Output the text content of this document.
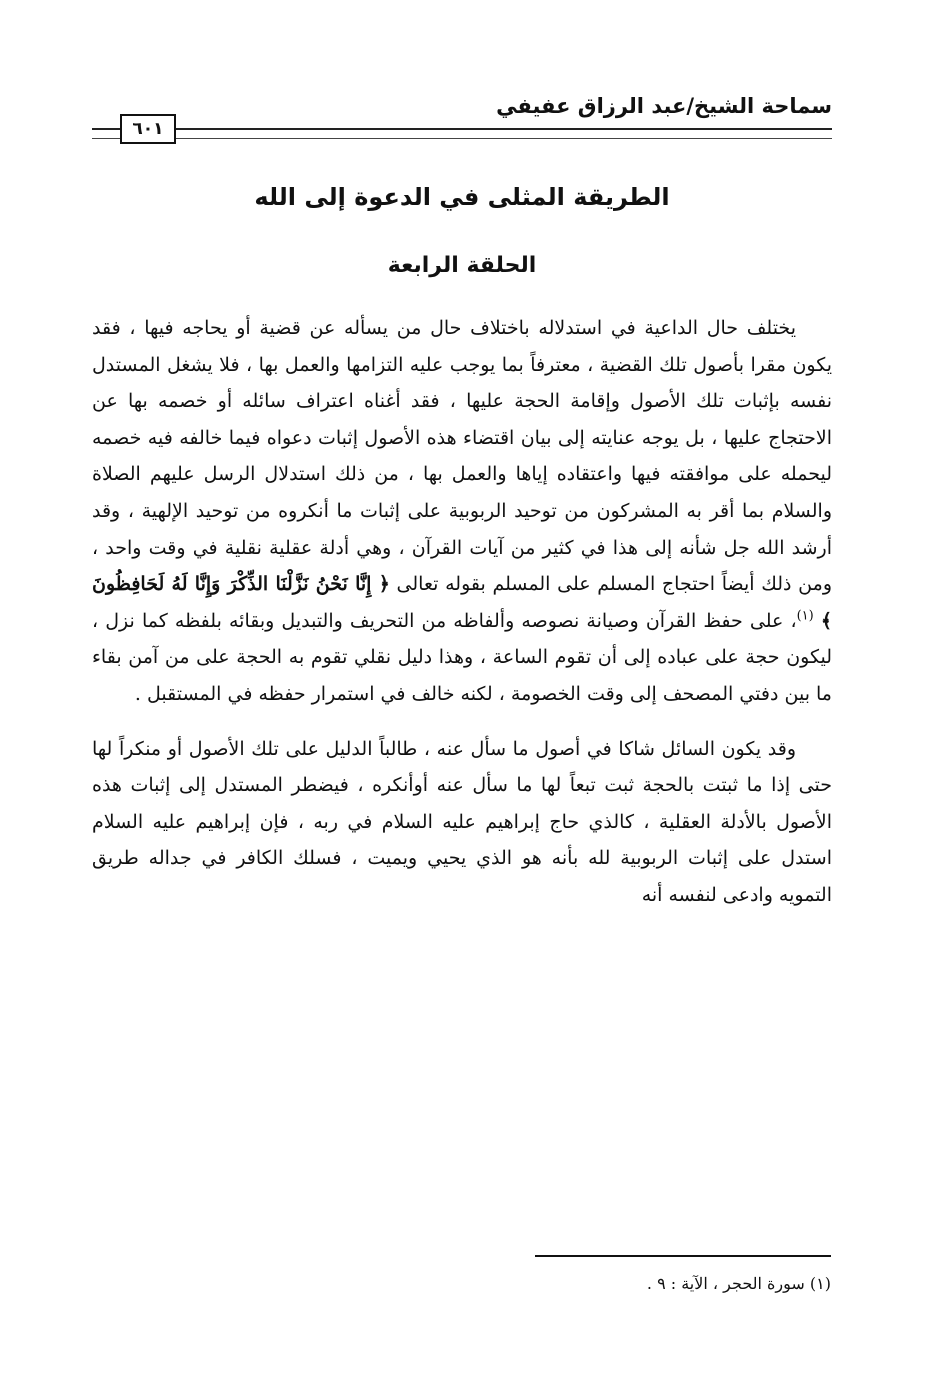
سماحة الشيخ/عبد الرزاق عفيفي
٦٠١
الطريقة المثلى في الدعوة إلى الله
الحلقة الرابعة

يختلف حال الداعية في استدلاله باختلاف حال من يسأله عن قضية أو يحاجه فيها ، فقد يكون مقرا بأصول تلك القضية ، معترفاً بما يوجب عليه التزامها والعمل بها ، فلا يشغل المستدل نفسه بإثبات تلك الأصول وإقامة الحجة عليها ، فقد أغناه اعتراف سائله أو خصمه بها عن الاحتجاج عليها ، بل يوجه عنايته إلى بيان اقتضاء هذه الأصول إثبات دعواه فيما خالفه فيه خصمه ليحمله على موافقته فيها واعتقاده إياها والعمل بها ، من ذلك استدلال الرسل عليهم الصلاة والسلام بما أقر به المشركون من توحيد الربوبية على إثبات ما أنكروه من توحيد الإلهية ، وقد أرشد الله جل شأنه إلى هذا في كثير من آيات القرآن ، وهي أدلة عقلية نقلية في وقت واحد ، ومن ذلك أيضاً احتجاج المسلم على المسلم بقوله تعالى ﴿ إِنَّا نَحْنُ نَزَّلْنَا الذِّكْرَ وَإِنَّا لَهُ لَحَافِظُونَ ﴾ $^{(١)}$، على حفظ القرآن وصيانة نصوصه وألفاظه من التحريف والتبديل وبقائه بلفظه كما نزل ، ليكون حجة على عباده إلى أن تقوم الساعة ، وهذا دليل نقلي تقوم به الحجة على من آمن بقاء ما بين دفتي المصحف إلى وقت الخصومة ، لكنه خالف في استمرار حفظه في المستقبل .

وقد يكون السائل شاكا في أصول ما سأل عنه ، طالباً الدليل على تلك الأصول أو منكراً لها حتى إذا ما ثبتت بالحجة ثبت تبعاً لها ما سأل عنه أوأنكره ، فيضطر المستدل إلى إثبات هذه الأصول بالأدلة العقلية ، كالذي حاج إبراهيم عليه السلام في ربه ، فإن إبراهيم عليه السلام استدل على إثبات الربوبية لله بأنه هو الذي يحيي ويميت ، فسلك الكافر في جداله طريق التمويه وادعى لنفسه أنه

(١) سورة الحجر ، الآية : ٩ .
